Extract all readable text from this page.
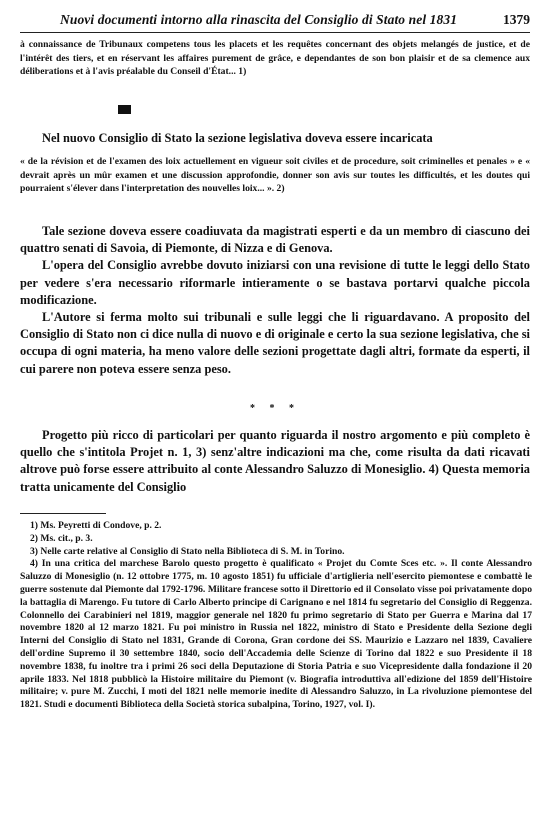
Nuovi documenti intorno alla rinascita del Consiglio di Stato nel 1831	1379
à connaissance de Tribunaux competens tous les placets et les requêtes concernant des objets melangés de justice, et de l'intérêt des tiers, et en réservant les affaires purement de grâce, e dependantes de son bon plaisir et de sa clemence aux déliberations et à l'avis préalable du Conseil d'État... 1)
Nel nuovo Consiglio di Stato la sezione legislativa doveva essere incaricata
« de la révision et de l'examen des loix actuellement en vigueur soit civiles et de procedure, soit criminelles et penales » e « devrait après un mûr examen et une discussion approfondie, donner son avis sur toutes les difficultés, et les doutes qui pourraient s'élever dans l'interpretation des nouvelles loix... ». 2)

Tale sezione doveva essere coadiuvata da magistrati esperti e da un membro di ciascuno dei quattro senati di Savoia, di Piemonte, di Nizza e di Genova.

L'opera del Consiglio avrebbe dovuto iniziarsi con una revisione di tutte le leggi dello Stato per vedere s'era necessario riformarle intieramente o se bastava portarvi qualche piccola modificazione.

L'Autore si ferma molto sui tribunali e sulle leggi che li riguardavano. A proposito del Consiglio di Stato non ci dice nulla di nuovo e di originale e certo la sua sezione legislativa, che si occupa di ogni materia, ha meno valore delle sezioni progettate dagli altri, formate da esperti, il cui parere non poteva essere senza peso.

* * *

Progetto più ricco di particolari per quanto riguarda il nostro argomento e più completo è quello che s'intitola Projet n. 1, 3) senz'altre indicazioni ma che, come risulta da dati ricavati altrove può forse essere attribuito al conte Alessandro Saluzzo di Monesiglio. 4) Questa memoria tratta unicamente del Consiglio

1) Ms. Peyretti di Condove, p. 2.
2) Ms. cit., p. 3.
3) Nelle carte relative al Consiglio di Stato nella Biblioteca di S. M. in Torino.
4) In una critica del marchese Barolo questo progetto è qualificato « Projet du Comte Sces etc. ». Il conte Alessandro Saluzzo di Monesiglio (n. 12 ottobre 1775, m. 10 agosto 1851) fu ufficiale d'artiglieria nell'esercito piemontese e combattè le guerre sostenute dal Piemonte dal 1792-1796. Militare francese sotto il Direttorio ed il Consolato visse poi privatamente dopo la battaglia di Marengo. Fu tutore di Carlo Alberto principe di Carignano e nel 1814 fu segretario del Consiglio di Reggenza. Colonnello dei Carabinieri nel 1819, maggior generale nel 1820 fu primo segretario di Stato per Guerra e Marina dal 17 novembre 1820 al 12 marzo 1821. Fu poi ministro in Russia nel 1822, ministro di Stato e Presidente della Sezione degli Interni del Consiglio di Stato nel 1831, Grande di Corona, Gran cordone dei SS. Maurizio e Lazzaro nel 1839, Cavaliere dell'ordine Supremo il 30 settembre 1840, socio dell'Accademia delle Scienze di Torino dal 1822 e suo Presidente il 18 novembre 1838, fu inoltre tra i primi 26 soci della Deputazione di Storia Patria e suo Vicepresidente dalla fondazione il 20 aprile 1833. Nel 1818 pubblicò la Histoire militaire du Piemont (v. Biografia introduttiva all'edizione del 1859 dell'Histoire militaire; v. pure M. Zucchi, I moti del 1821 nelle memorie inedite di Alessandro Saluzzo, in La rivoluzione piemontese del 1821. Studi e documenti Biblioteca della Società storica subalpina, Torino, 1927, vol. I).
